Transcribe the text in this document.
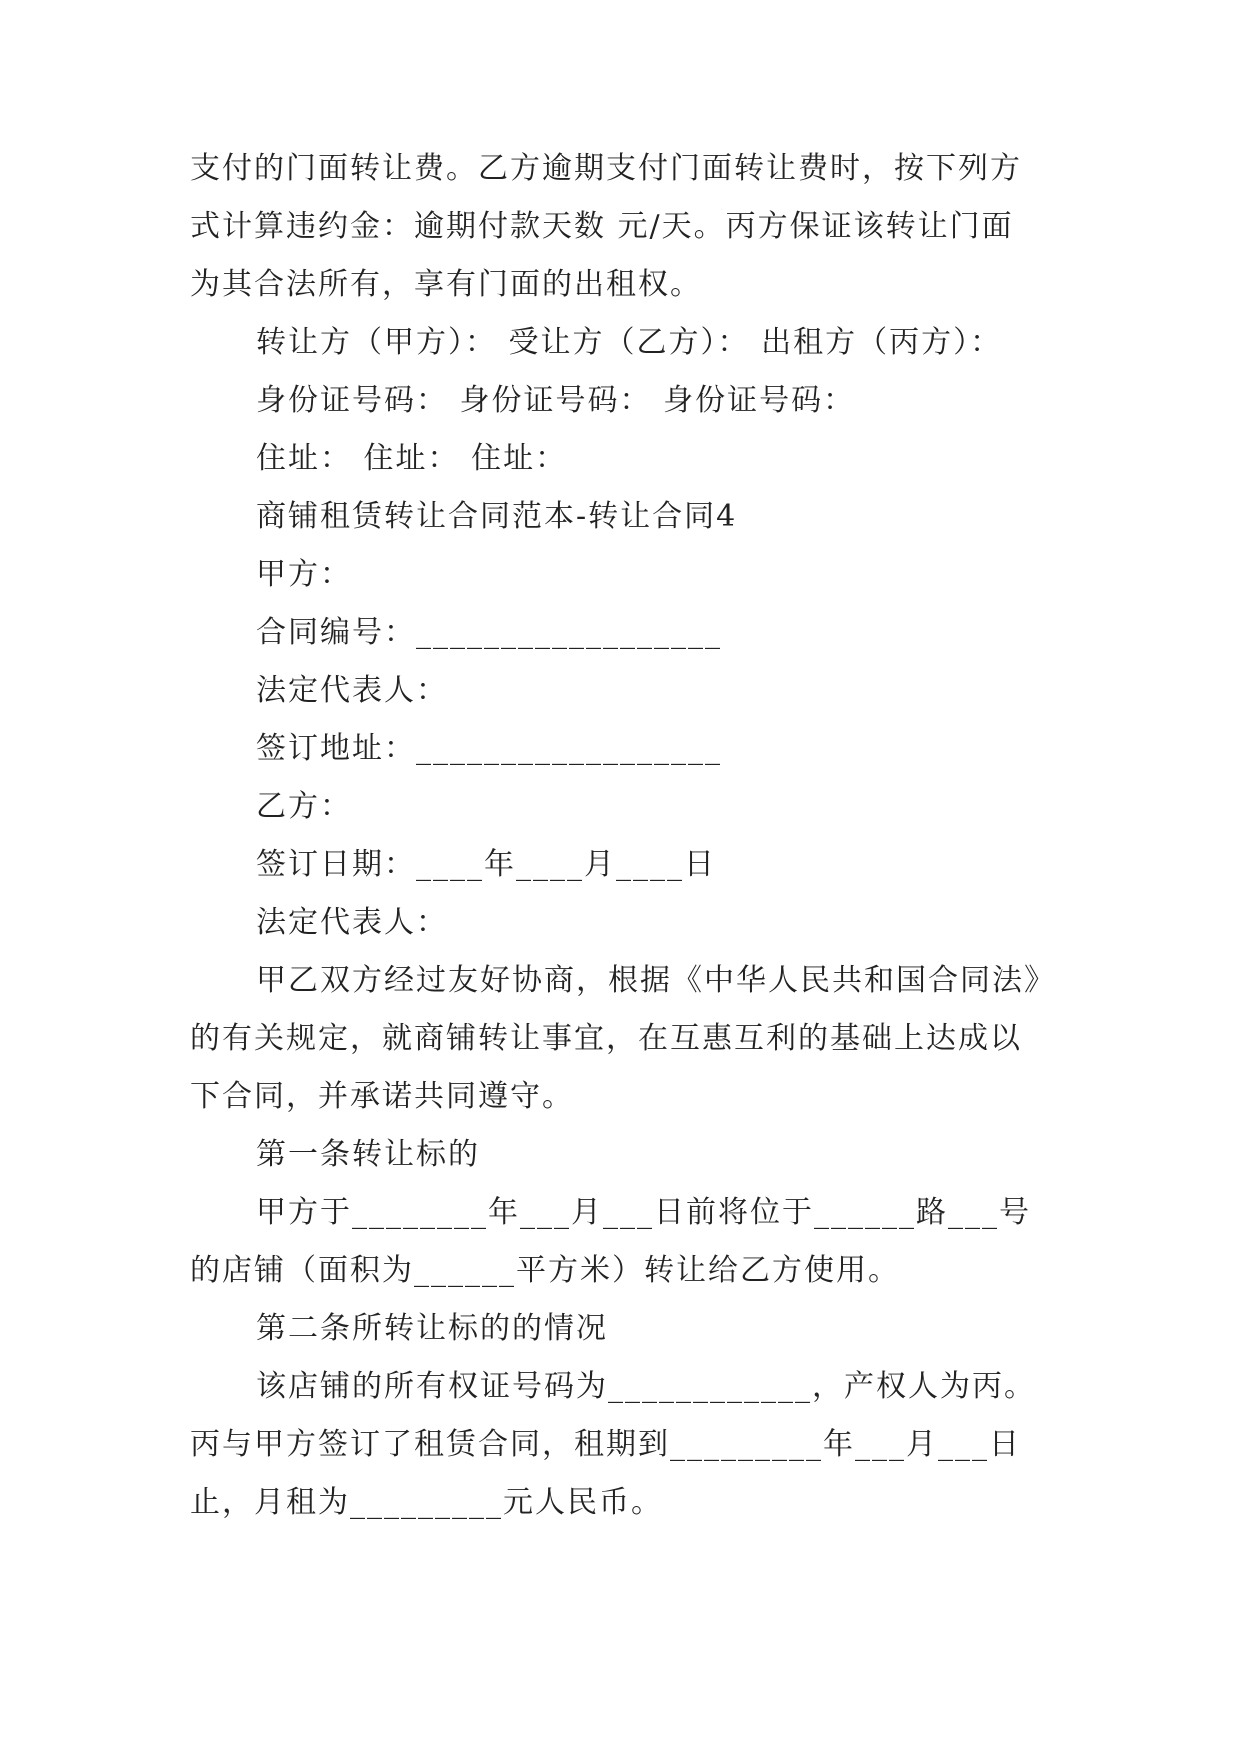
支付的门面转让费。乙方逾期支付门面转让费时，按下列方
式计算违约金：逾期付款天数 元/天。丙方保证该转让门面
为其合法所有，享有门面的出租权。
转让方（甲方）： 受让方（乙方）： 出租方（丙方）：
身份证号码： 身份证号码： 身份证号码：
住址： 住址： 住址：
商铺租赁转让合同范本-转让合同4
甲方：
合同编号：__________________
法定代表人：
签订地址：__________________
乙方：
签订日期：____年____月____日
法定代表人：
甲乙双方经过友好协商，根据《中华人民共和国合同法》
的有关规定，就商铺转让事宜，在互惠互利的基础上达成以
下合同，并承诺共同遵守。
第一条转让标的
甲方于________年___月___日前将位于______路___号
的店铺（面积为______平方米）转让给乙方使用。
第二条所转让标的的情况
该店铺的所有权证号码为____________，产权人为丙。
丙与甲方签订了租赁合同，租期到_________年___月___日
止，月租为_________元人民币。
